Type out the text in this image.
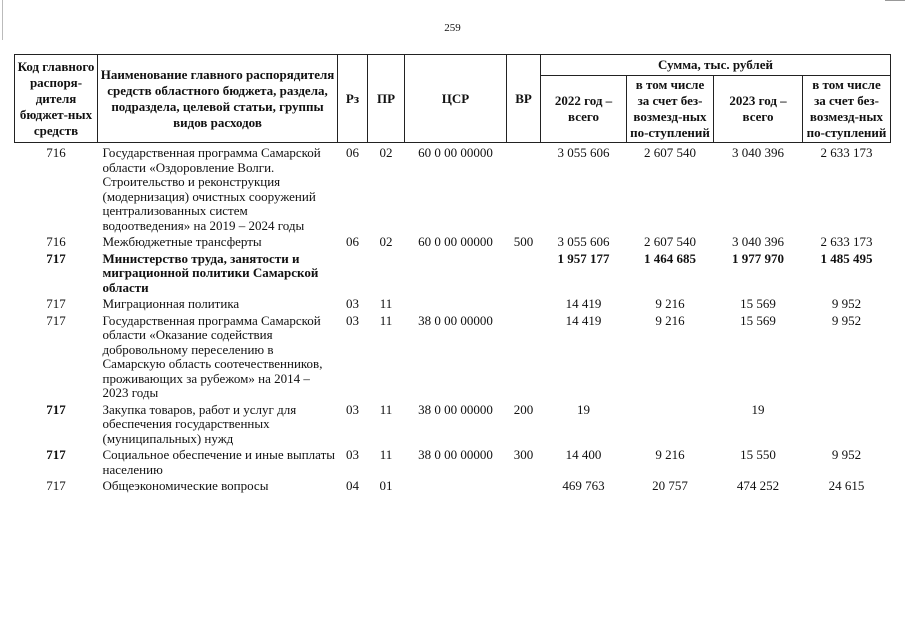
259
Код главного распоря-дителя бюджет-ных средств	Наименование главного распорядителя средств областного бюджета, раздела, подраздела, целевой статьи, группы видов расходов	Рз	ПР	ЦСР	ВР	Сумма, тыс. рублей			
						2022 год – всего	в том числе за счет без-возмезд-ных по-ступлений	2023 год – всего	в том числе за счет без-возмезд-ных по-ступлений
716	Государственная программа Самарской области «Оздоровление Волги. Строительство и реконструкция (модернизация) очистных сооружений централизованных систем водоотведения» на 2019 – 2024 годы	06	02	60 0 00 00000		3 055 606	2 607 540	3 040 396	2 633 173
716	Межбюджетные трансферты	06	02	60 0 00 00000	500	3 055 606	2 607 540	3 040 396	2 633 173
717	Министерство труда, занятости и миграционной политики Самарской области					1 957 177	1 464 685	1 977 970	1 485 495
717	Миграционная политика	03	11			14 419	9 216	15 569	9 952
717	Государственная программа Самарской области «Оказание содействия добровольному переселению в Самарскую область соотечественников, проживающих за рубежом» на 2014 – 2023 годы	03	11	38 0 00 00000		14 419	9 216	15 569	9 952
717	Закупка товаров, работ и услуг для обеспечения государственных (муниципальных) нужд	03	11	38 0 00 00000	200	19		19	
717	Социальное обеспечение и иные выплаты населению	03	11	38 0 00 00000	300	14 400	9 216	15 550	9 952
717	Общеэкономические вопросы	04	01			469 763	20 757	474 252	24 615
